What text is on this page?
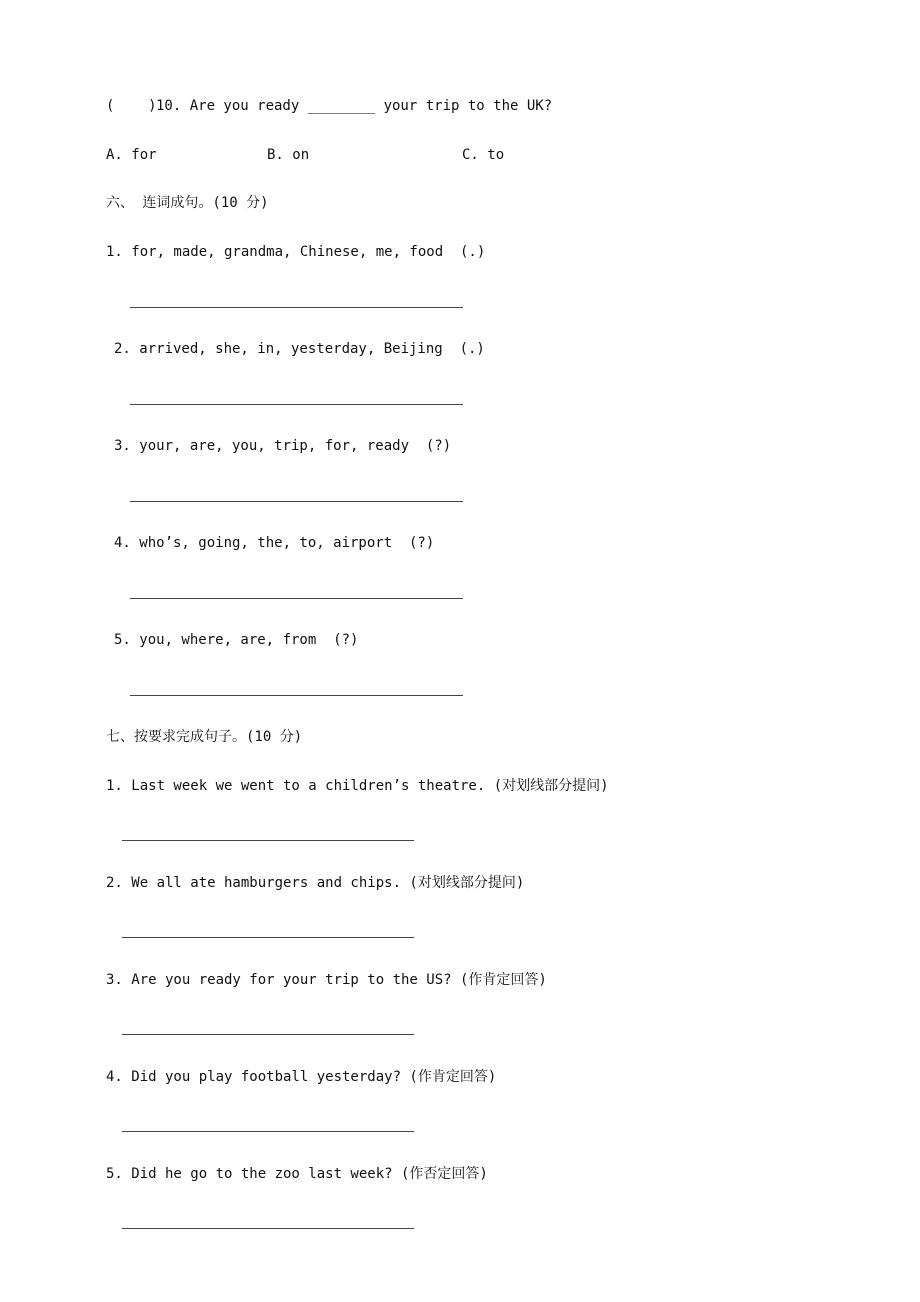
(    ) 10. Are you ready ________ your trip to the UK?
A. for	B. on	C. to
六、 连词成句。(10 分)
1. for, made, grandma, Chinese, me, food  (.)
2. arrived, she, in, yesterday, Beijing  (.)
3. your, are, you, trip, for, ready  (?)
4. who’s, going, the, to, airport  (?)
5. you, where, are, from  (?)
七、按要求完成句子。(10 分)
1. Last week we went to a children’s theatre. (对划线部分提问)
2. We all ate hamburgers and chips. (对划线部分提问)
3. Are you ready for your trip to the US? (作肯定回答)
4. Did you play football yesterday? (作肯定回答)
5. Did he go to the zoo last week? (作否定回答)
